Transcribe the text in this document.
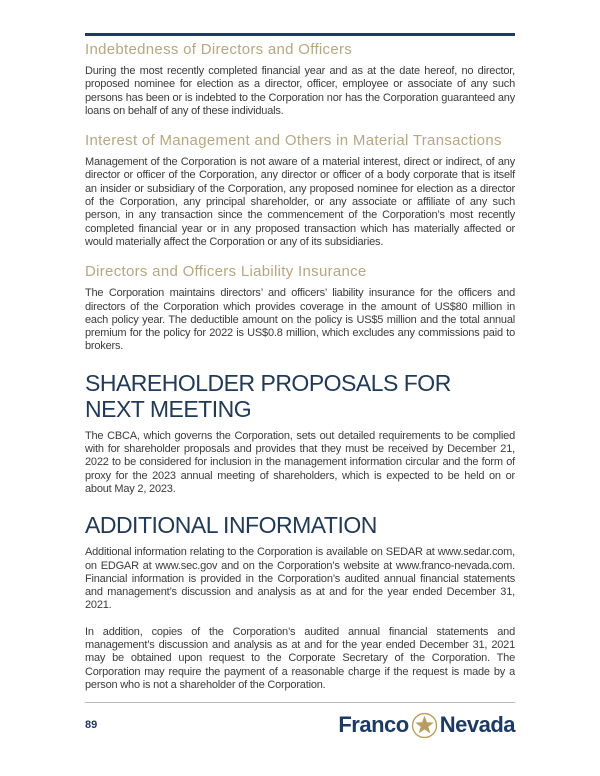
Indebtedness of Directors and Officers

During the most recently completed financial year and as at the date hereof, no director, proposed nominee for election as a director, officer, employee or associate of any such persons has been or is indebted to the Corporation nor has the Corporation guaranteed any loans on behalf of any of these individuals.

Interest of Management and Others in Material Transactions

Management of the Corporation is not aware of a material interest, direct or indirect, of any director or officer of the Corporation, any director or officer of a body corporate that is itself an insider or subsidiary of the Corporation, any proposed nominee for election as a director of the Corporation, any principal shareholder, or any associate or affiliate of any such person, in any transaction since the commencement of the Corporation’s most recently completed financial year or in any proposed transaction which has materially affected or would materially affect the Corporation or any of its subsidiaries.

Directors and Officers Liability Insurance

The Corporation maintains directors’ and officers’ liability insurance for the officers and directors of the Corporation which provides coverage in the amount of US$80 million in each policy year. The deductible amount on the policy is US$5 million and the total annual premium for the policy for 2022 is US$0.8 million, which excludes any commissions paid to brokers.

SHAREHOLDER PROPOSALS FOR NEXT MEETING

The CBCA, which governs the Corporation, sets out detailed requirements to be complied with for shareholder proposals and provides that they must be received by December 21, 2022 to be considered for inclusion in the management information circular and the form of proxy for the 2023 annual meeting of shareholders, which is expected to be held on or about May 2, 2023.

ADDITIONAL INFORMATION

Additional information relating to the Corporation is available on SEDAR at www.sedar.com, on EDGAR at www.sec.gov and on the Corporation’s website at www.franco-nevada.com. Financial information is provided in the Corporation’s audited annual financial statements and management’s discussion and analysis as at and for the year ended December 31, 2021.

In addition, copies of the Corporation’s audited annual financial statements and management’s discussion and analysis as at and for the year ended December 31, 2021 may be obtained upon request to the Corporate Secretary of the Corporation. The Corporation may require the payment of a reasonable charge if the request is made by a person who is not a shareholder of the Corporation.

89	Franco Nevada
